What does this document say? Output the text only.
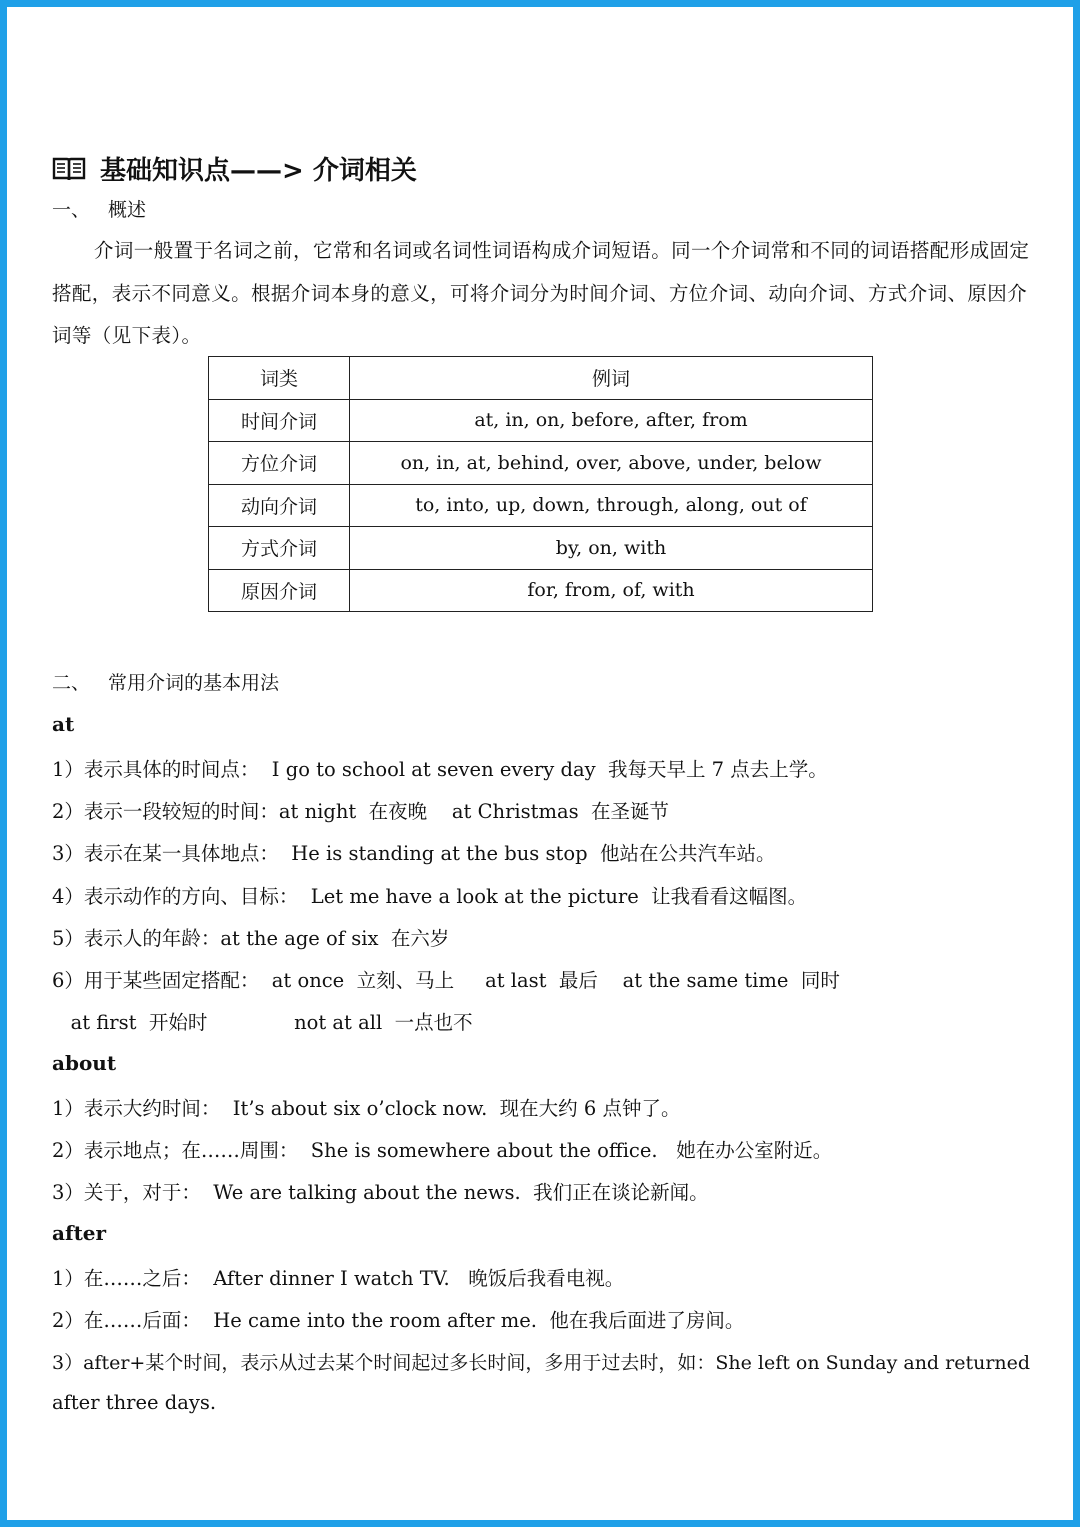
基础知识点——> 介词相关
一、 概述
介词一般置于名词之前，它常和名词或名词性词语构成介词短语。同一个介词常和不同的词语搭配形成固定搭配，表示不同意义。根据介词本身的意义，可将介词分为时间介词、方位介词、动向介词、方式介词、原因介词等（见下表）。
词类	例词
时间介词	at, in, on, before, after, from
方位介词	on, in, at, behind, over, above, under, below
动向介词	to, into, up, down, through, along, out of
方式介词	by, on, with
原因介词	for, from, of, with
二、 常用介词的基本用法
at
1）表示具体的时间点：  I go to school at seven every day  我每天早上 7 点去上学。
2）表示一段较短的时间：at night  在夜晚    at Christmas  在圣诞节
3）表示在某一具体地点：  He is standing at the bus stop  他站在公共汽车站。
4）表示动作的方向、目标：  Let me have a look at the picture  让我看看这幅图。
5）表示人的年龄：at the age of six  在六岁
6）用于某些固定搭配：  at once  立刻、马上     at last  最后    at the same time  同时
at first  开始时              not at all  一点也不
about
1）表示大约时间：  It’s about six o’clock now.  现在大约 6 点钟了。
2）表示地点；在……周围：  She is somewhere about the office.   她在办公室附近。
3）关于，对于：  We are talking about the news.  我们正在谈论新闻。
after
1）在……之后：  After dinner I watch TV.   晚饭后我看电视。
2）在……后面：  He came into the room after me.  他在我后面进了房间。
3）after+某个时间，表示从过去某个时间起过多长时间，多用于过去时，如：She left on Sunday and returned
after three days.
